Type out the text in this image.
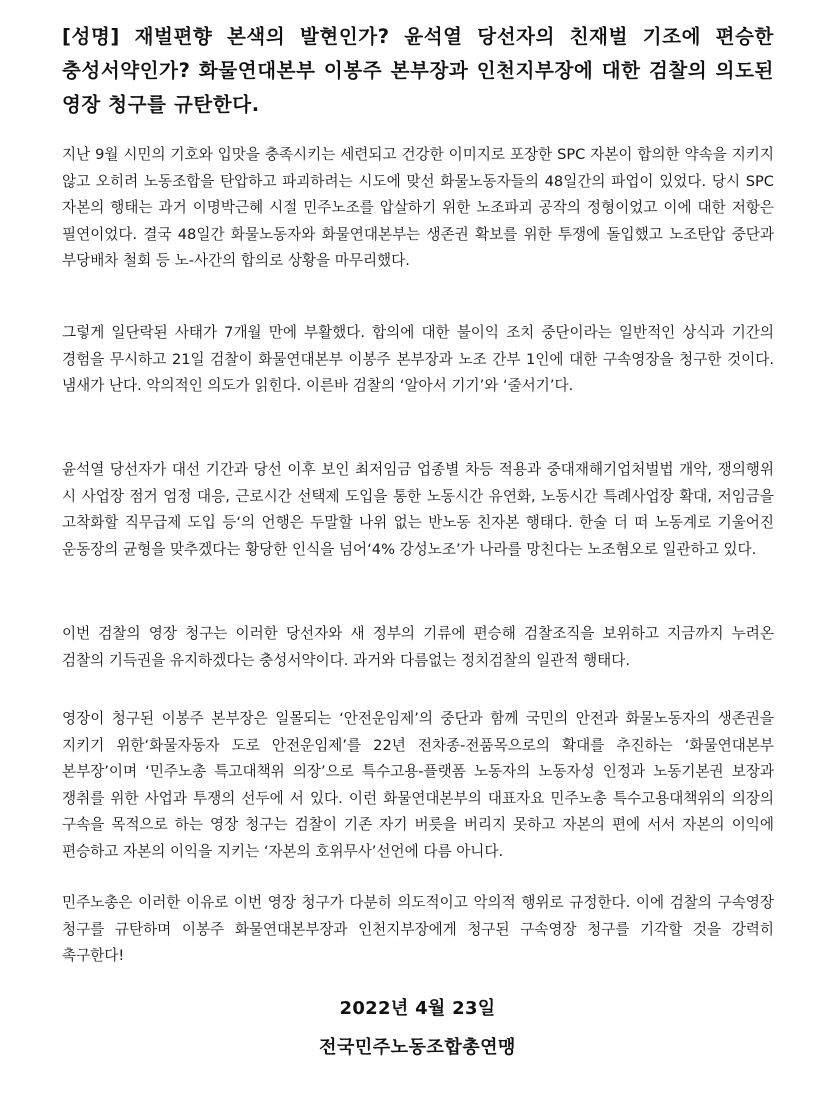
[성명] 재벌편향 본색의 발현인가? 윤석열 당선자의 친재벌 기조에 편승한 충성서약인가? 화물연대본부 이봉주 본부장과 인천지부장에 대한 검찰의 의도된 영장 청구를 규탄한다.

지난 9월 시민의 기호와 입맛을 충족시키는 세련되고 건강한 이미지로 포장한 SPC 자본이 합의한 약속을 지키지 않고 오히려 노동조합을 탄압하고 파괴하려는 시도에 맞선 화물노동자들의 48일간의 파업이 있었다. 당시 SPC 자본의 행태는 과거 이명박근혜 시절 민주노조를 압살하기 위한 노조파괴 공작의 정형이었고 이에 대한 저항은 필연이었다. 결국 48일간 화물노동자와 화물연대본부는 생존권 확보를 위한 투쟁에 돌입했고 노조탄압 중단과 부당배차 철회 등 노-사간의 합의로 상황을 마무리했다.

그렇게 일단락된 사태가 7개월 만에 부활했다. 합의에 대한 불이익 조치 중단이라는 일반적인 상식과 기간의 경험을 무시하고 21일 검찰이 화물연대본부 이봉주 본부장과 노조 간부 1인에 대한 구속영장을 청구한 것이다. 냄새가 난다. 악의적인 의도가 읽힌다. 이른바 검찰의 ‘알아서 기기’와 ‘줄서기’다.

윤석열 당선자가 대선 기간과 당선 이후 보인 최저임금 업종별 차등 적용과 중대재해기업처벌법 개악, 쟁의행위 시 사업장 점거 엄정 대응, 근로시간 선택제 도입을 통한 노동시간 유연화, 노동시간 특례사업장 확대, 저임금을 고착화할 직무급제 도입 등‘의 언행은 두말할 나위 없는 반노동 친자본 행태다. 한술 더 떠 노동계로 기울어진 운동장의 균형을 맞추겠다는 황당한 인식을 넘어‘4% 강성노조’가 나라를 망친다는 노조혐오로 일관하고 있다.

이번 검찰의 영장 청구는 이러한 당선자와 새 정부의 기류에 편승해 검찰조직을 보위하고 지금까지 누려온 검찰의 기득권을 유지하겠다는 충성서약이다. 과거와 다름없는 정치검찰의 일관적 행태다.

영장이 청구된 이봉주 본부장은 일몰되는 ‘안전운임제’의 중단과 함께 국민의 안전과 화물노동자의 생존권을 지키기 위한‘화물자동자 도로 안전운임제’를 22년 전차종-전품목으로의 확대를 추진하는 ‘화물연대본부 본부장’이며 ‘민주노총 특고대책위 의장’으로 특수고용-플랫폼 노동자의 노동자성 인정과 노동기본권 보장과 쟁취를 위한 사업과 투쟁의 선두에 서 있다. 이런 화물연대본부의 대표자요 민주노총 특수고용대책위의 의장의 구속을 목적으로 하는 영장 청구는 검찰이 기존 자기 버릇을 버리지 못하고 자본의 편에 서서 자본의 이익에 편승하고 자본의 이익을 지키는 ‘자본의 호위무사’선언에 다름 아니다.

민주노총은 이러한 이유로 이번 영장 청구가 다분히 의도적이고 악의적 행위로 규정한다. 이에 검찰의 구속영장 청구를 규탄하며 이봉주 화물연대본부장과 인천지부장에게 청구된 구속영장 청구를 기각할 것을 강력히 촉구한다!

2022년 4월 23일
전국민주노동조합총연맹
